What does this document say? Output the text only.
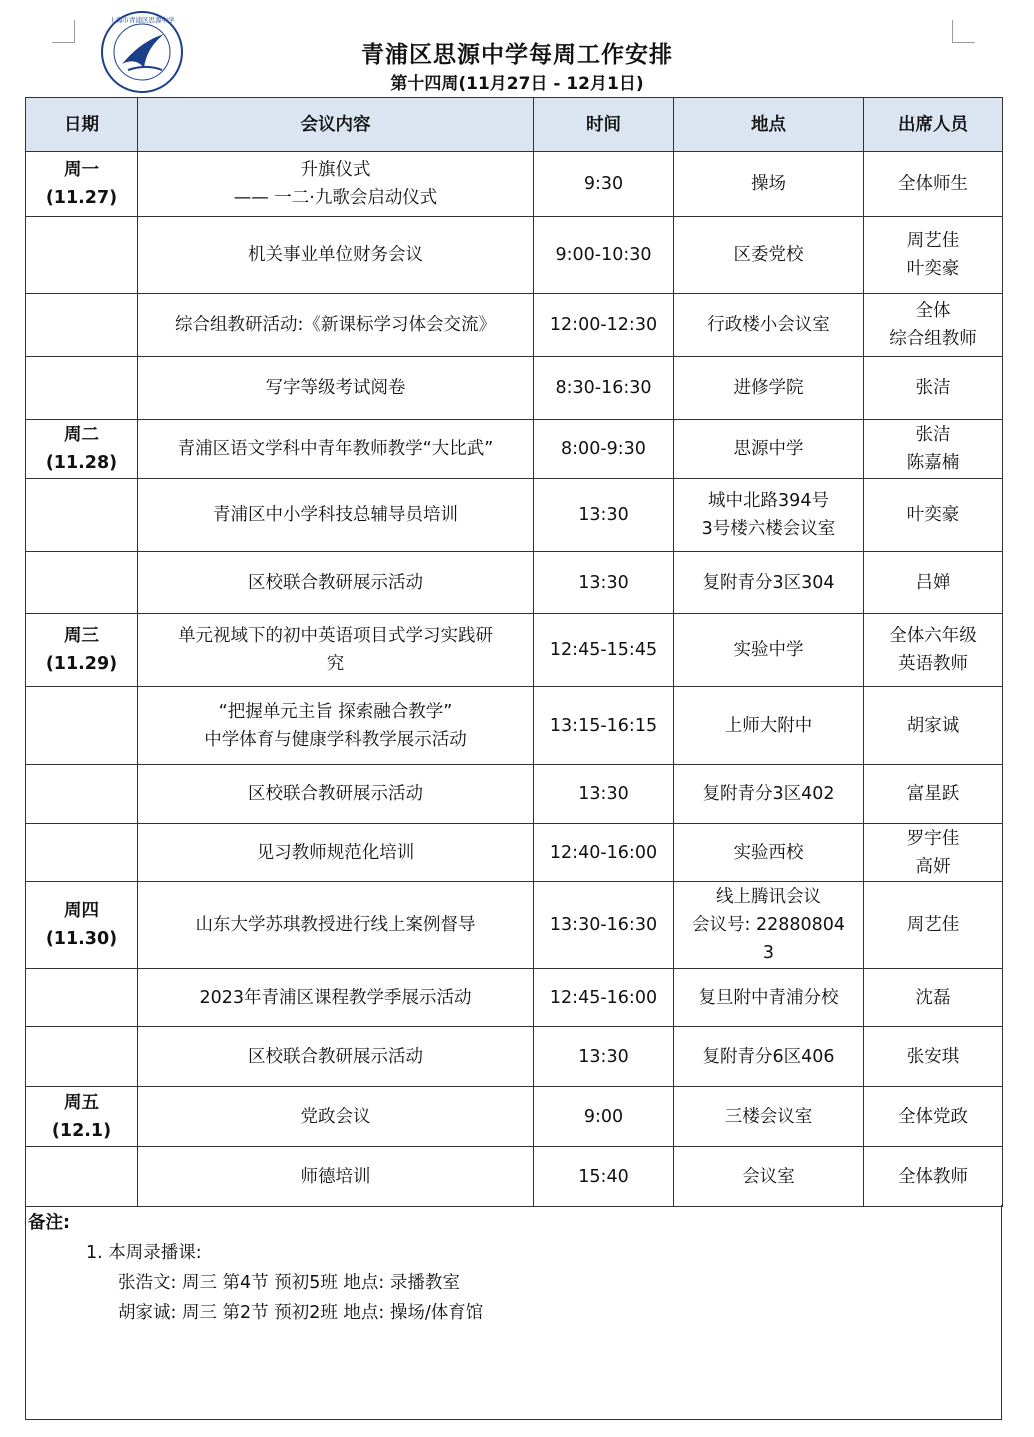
上海市青浦区思源中学
青浦区思源中学每周工作安排
第十四周(11月27日 - 12月1日)
日期	会议内容	时间	地点	出席人员

周一
(11.27)	升旗仪式
—— 一二·九歌会启动仪式	9:30	操场	全体师生

	机关事业单位财务会议	9:00-10:30	区委党校	周艺佳
叶奕豪

	综合组教研活动:《新课标学习体会交流》	12:00-12:30	行政楼小会议室	全体
综合组教师

	写字等级考试阅卷	8:30-16:30	进修学院	张洁

周二
(11.28)	青浦区语文学科中青年教师教学“大比武”	8:00-9:30	思源中学	张洁
陈嘉楠

	青浦区中小学科技总辅导员培训	13:30	城中北路394号
3号楼六楼会议室	叶奕豪

	区校联合教研展示活动	13:30	复附青分3区304	吕婵

周三
(11.29)	单元视域下的初中英语项目式学习实践研
究	12:45-15:45	实验中学	全体六年级
英语教师

	“把握单元主旨 探索融合教学”
中学体育与健康学科教学展示活动	13:15-16:15	上师大附中	胡家诚

	区校联合教研展示活动	13:30	复附青分3区402	富星跃

	见习教师规范化培训	12:40-16:00	实验西校	罗宇佳
高妍

周四
(11.30)	山东大学苏琪教授进行线上案例督导	13:30-16:30	线上腾讯会议
会议号: 22880804
3	周艺佳

	2023年青浦区课程教学季展示活动	12:45-16:00	复旦附中青浦分校	沈磊

	区校联合教研展示活动	13:30	复附青分6区406	张安琪

周五
(12.1)	党政会议	9:00	三楼会议室	全体党政

	师德培训	15:40	会议室	全体教师
备注:
1. 本周录播课:
张浩文: 周三 第4节 预初5班 地点: 录播教室
胡家诚: 周三 第2节 预初2班 地点: 操场/体育馆
